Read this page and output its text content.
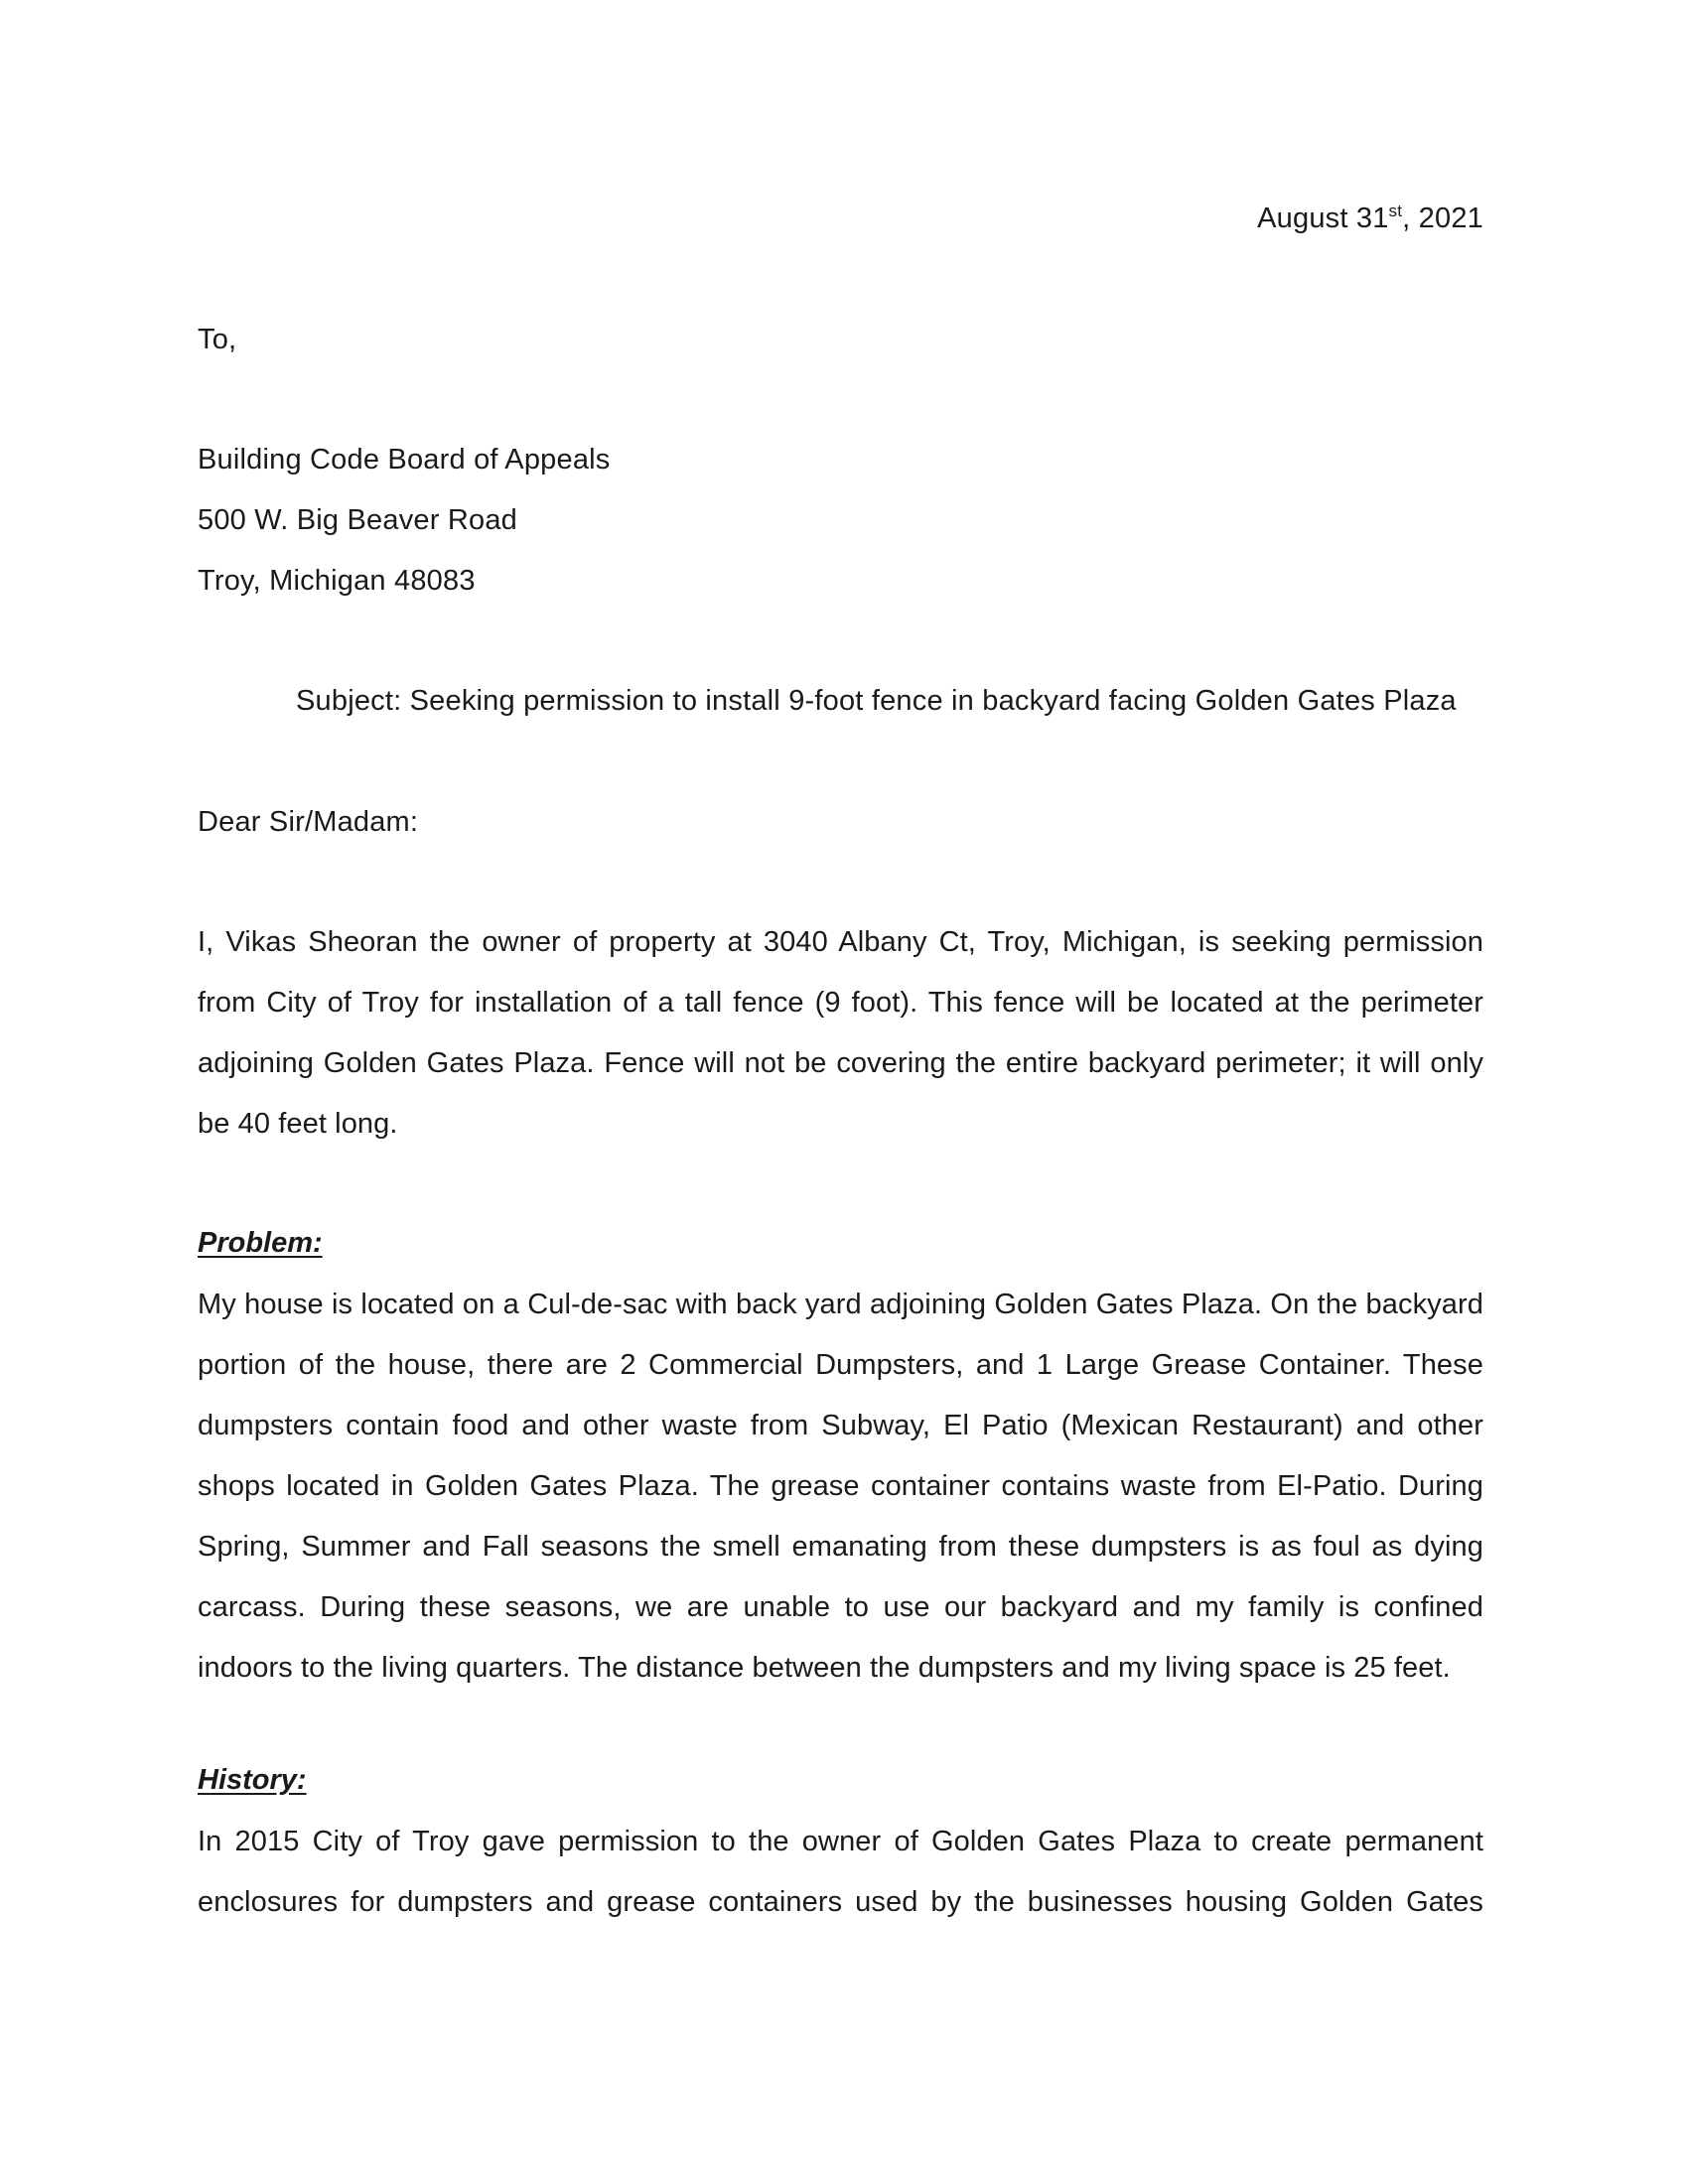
August 31st, 2021
To,
Building Code Board of Appeals
500 W. Big Beaver Road
Troy, Michigan 48083
Subject: Seeking permission to install 9-foot fence in backyard facing Golden Gates Plaza
Dear Sir/Madam:
I, Vikas Sheoran the owner of property at 3040 Albany Ct, Troy, Michigan, is seeking permission from City of Troy for installation of a tall fence (9 foot). This fence will be located at the perimeter adjoining Golden Gates Plaza. Fence will not be covering the entire backyard perimeter; it will only be 40 feet long.
Problem:
My house is located on a Cul-de-sac with back yard adjoining Golden Gates Plaza. On the backyard portion of the house, there are 2 Commercial Dumpsters, and 1 Large Grease Container. These dumpsters contain food and other waste from Subway, El Patio (Mexican Restaurant) and other shops located in Golden Gates Plaza. The grease container contains waste from El-Patio. During Spring, Summer and Fall seasons the smell emanating from these dumpsters is as foul as dying carcass. During these seasons, we are unable to use our backyard and my family is confined indoors to the living quarters. The distance between the dumpsters and my living space is 25 feet.
History:
In 2015 City of Troy gave permission to the owner of Golden Gates Plaza to create permanent enclosures for dumpsters and grease containers used by the businesses housing Golden Gates
